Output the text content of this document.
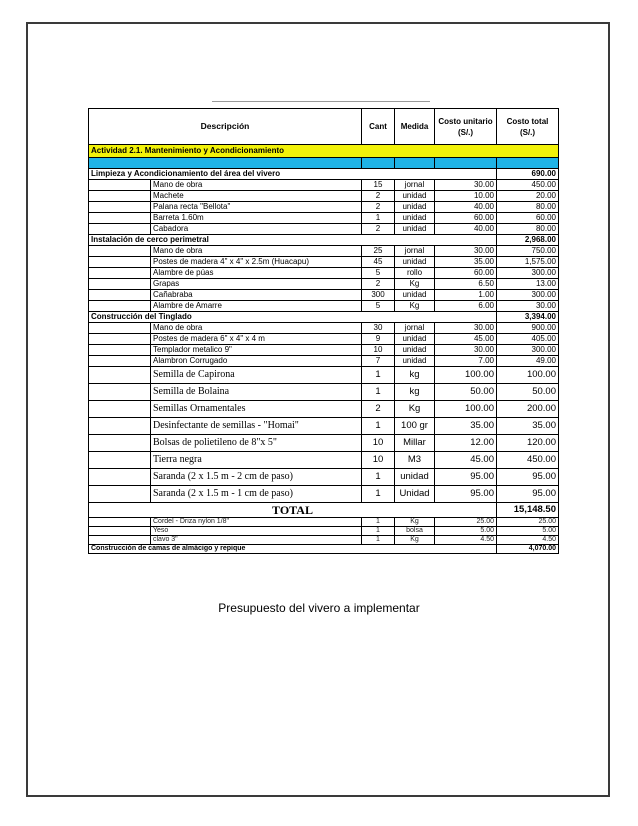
Descripción		Cant	Medida	Costo unitario (S/.)	Costo total (S/.)
Actividad 2.1. Mantenimiento y Acondicionamiento					

Limpieza y Acondicionamiento del área del vivero					690.00
	Mano de obra	15	jornal	30.00	450.00
	Machete	2	unidad	10.00	20.00
	Palana recta "Bellota"	2	unidad	40.00	80.00
	Barreta 1.60m	1	unidad	60.00	60.00
	Cabadora	2	unidad	40.00	80.00
Instalación de cerco perimetral					2,968.00
	Mano de obra	25	jornal	30.00	750.00
	Postes de madera 4" x 4" x 2.5m (Huacapu)	45	unidad	35.00	1,575.00
	Alambre de púas	5	rollo	60.00	300.00
	Grapas	2	Kg	6.50	13.00
	Cañabraba	300	unidad	1.00	300.00
	Alambre de Amarre	5	Kg	6.00	30.00
Construcción del Tinglado					3,394.00
	Mano de obra	30	jornal	30.00	900.00
	Postes de madera 6" x 4" x 4 m	9	unidad	45.00	405.00
	Templador metalico 9"	10	unidad	30.00	300.00
	Alambron Corrugado	7	unidad	7.00	49.00
	Semilla de Capirona	1	kg	100.00	100.00
	Semilla de Bolaina	1	kg	50.00	50.00
	Semillas Ornamentales	2	Kg	100.00	200.00
	Desinfectante de semillas - "Homai"	1	100 gr	35.00	35.00
	Bolsas de polietileno de 8"x 5"	10	Millar	12.00	120.00
	Tierra negra	10	M3	45.00	450.00
	Saranda (2 x 1.5 m - 2 cm de paso)	1	unidad	95.00	95.00
	Saranda (2 x 1.5 m - 1 cm de paso)	1	Unidad	95.00	95.00
TOTAL					15,148.50
	Cordel - Driza nylon 1/8"	1	Kg	25.00	25.00
	Yeso	1	bolsa	5.00	5.00
	clavo 3"	1	Kg	4.50	4.50
Construcción de camas de almácigo y repique					4,070.00
Presupuesto del vivero a implementar
